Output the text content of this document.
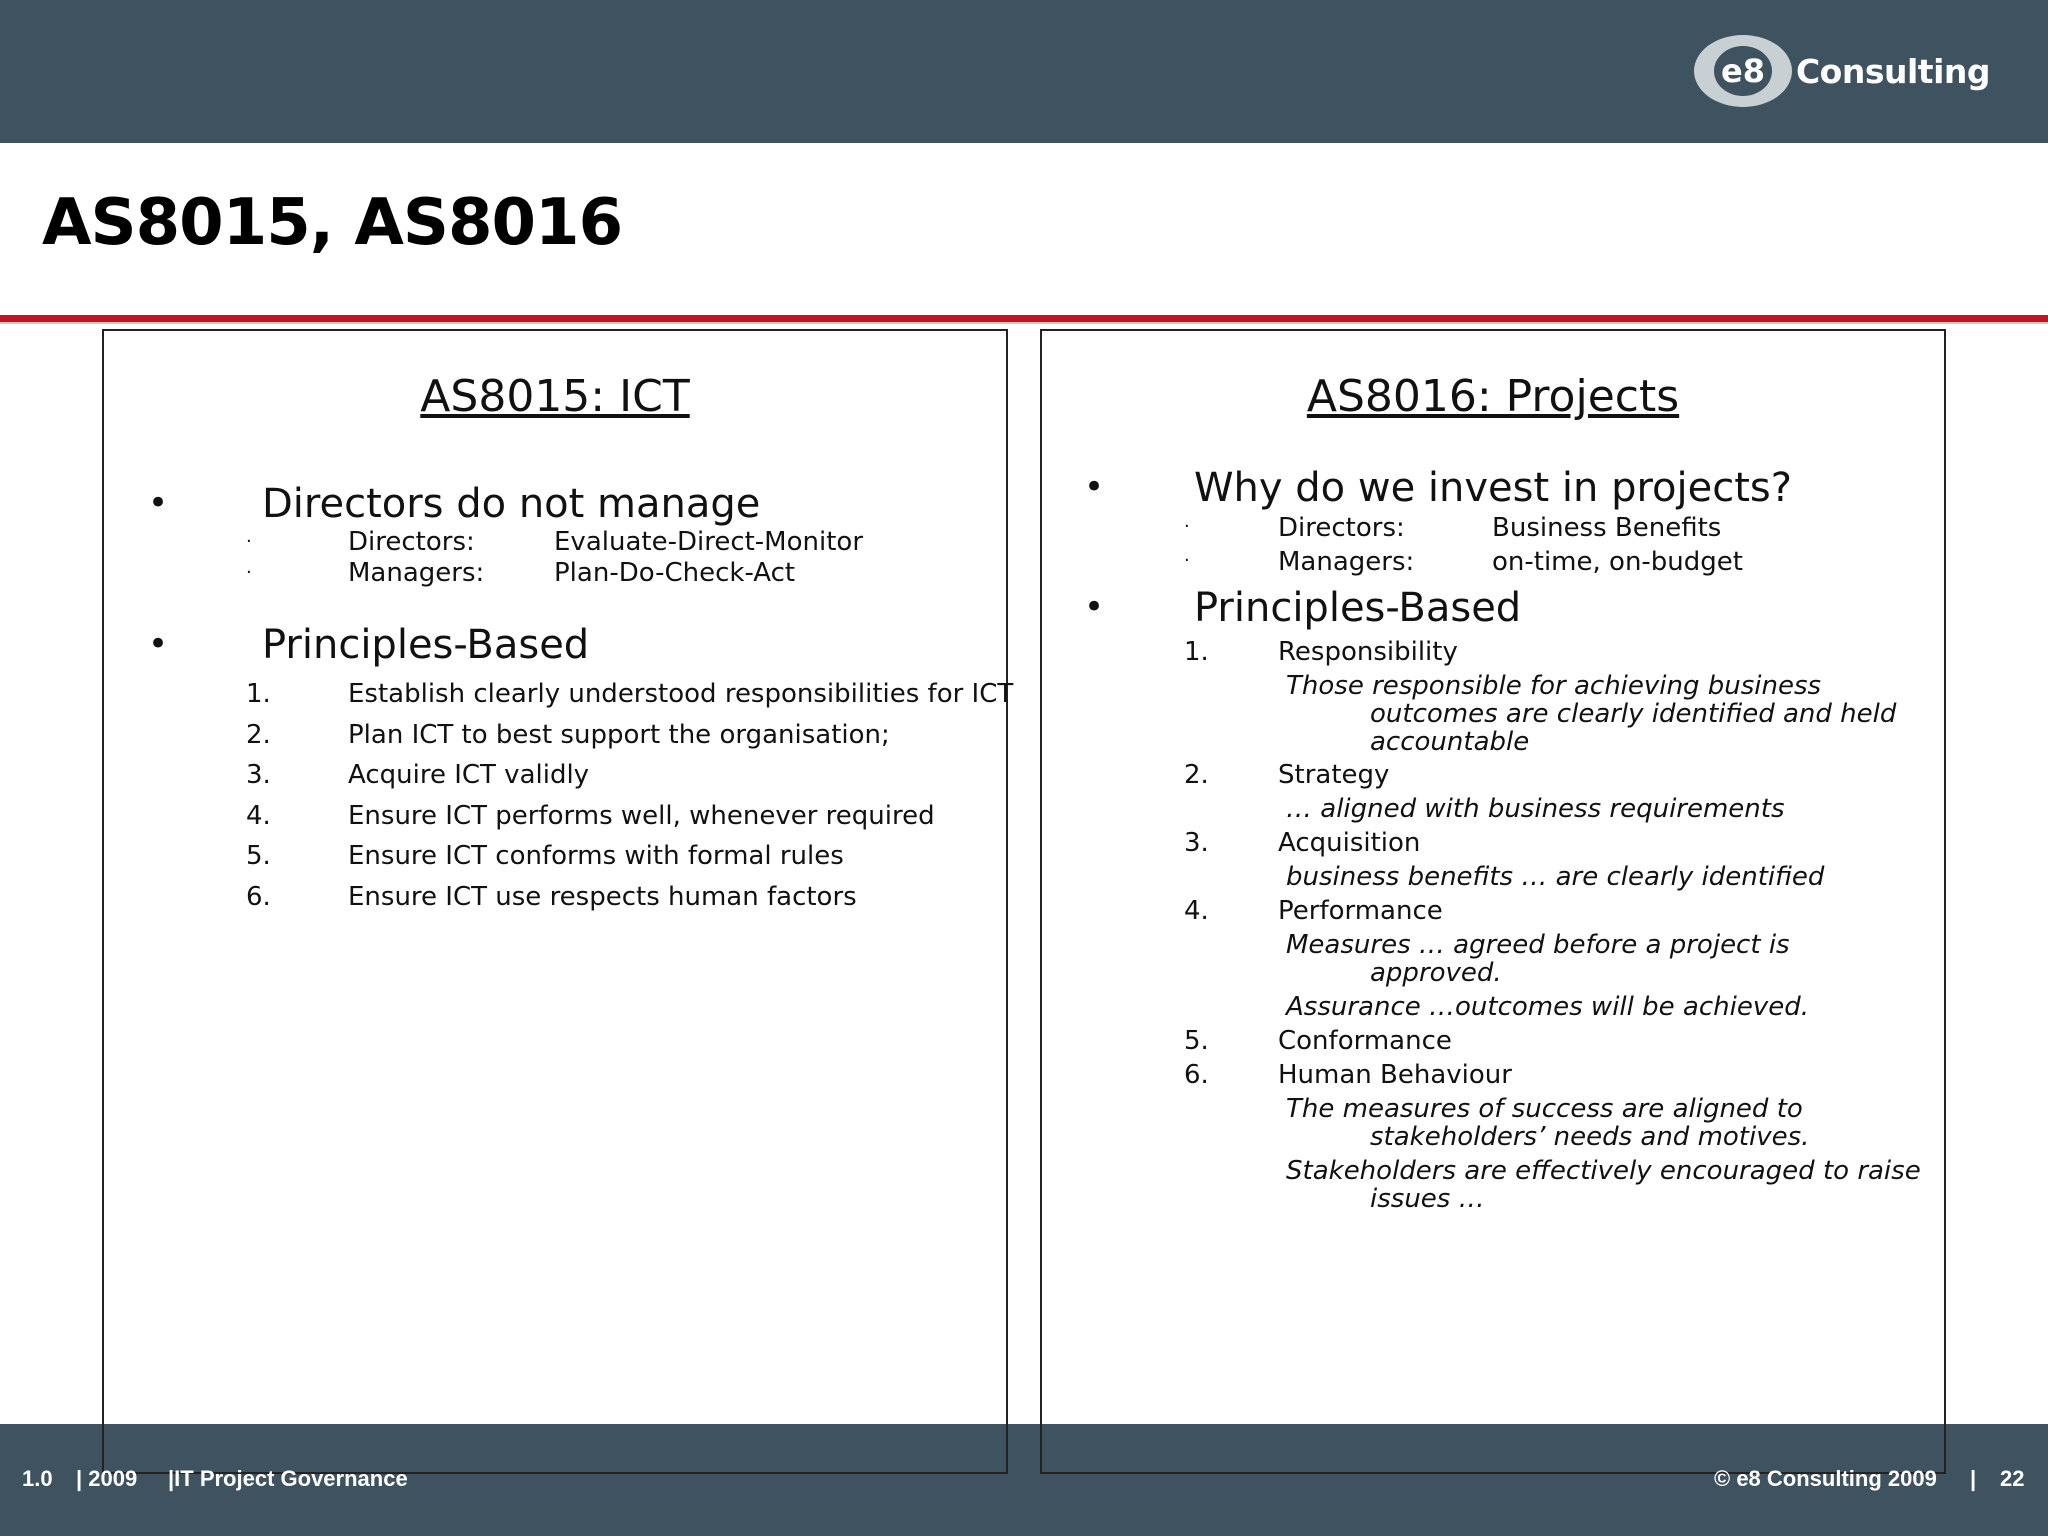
e8 Consulting
AS8015, AS8016
AS8015: ICT
• Directors do not manage
·	Directors:	Evaluate-Direct-Monitor
·	Managers:	Plan-Do-Check-Act
• Principles-Based
1.	Establish clearly understood responsibilities for ICT
2.	Plan ICT to best support the organisation;
3.	Acquire ICT validly
4.	Ensure ICT performs well, whenever required
5.	Ensure ICT conforms with formal rules
6.	Ensure ICT use respects human factors
AS8016: Projects
• Why do we invest in projects?
·	Directors:	Business Benefits
·	Managers:	on-time, on-budget
• Principles-Based
1.	Responsibility
Those responsible for achieving business
outcomes are clearly identified and held
accountable
2.	Strategy
… aligned with business requirements
3.	Acquisition
business benefits … are clearly identified
4.	Performance
Measures … agreed before a project is
approved.
Assurance …outcomes will be achieved.
5.	Conformance
6.	Human Behaviour
The measures of success are aligned to
stakeholders’ needs and motives.
Stakeholders are effectively encouraged to raise
issues …
1.0 | 2009 |IT Project Governance	© e8 Consulting 2009 | 22
